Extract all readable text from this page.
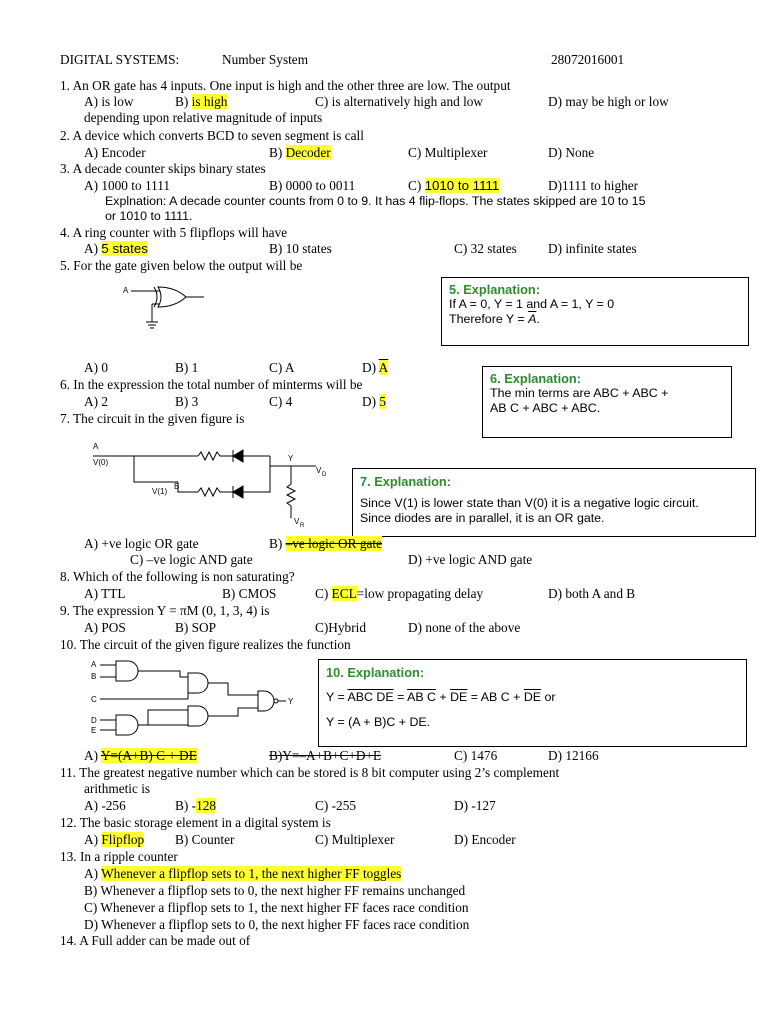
DIGITAL SYSTEMS:	Number System	28072016001
1. An OR gate has 4 inputs. One input is high and the other three are low. The output
A) is low	B) is high	C) is alternatively high and low	D) may be high or low
depending upon relative magnitude of inputs
2. A device which converts BCD to seven segment is call
A) Encoder	B) Decoder	C) Multiplexer	D) None
3. A decade counter skips binary states
A) 1000 to 1111	B) 0000 to 0011	C) 1010 to 1111	D)1111 to higher
Explnation: A decade counter counts from 0 to 9. It has 4 flip-flops. The states skipped are 10 to 15
or 1010 to 1111.
4. A ring counter with 5 flipflops will have
A) 5 states	B) 10 states	C) 32 states D) infinite states
5. For the gate given below the output will be
A	5. Explanation:
If A = 0, Y = 1 and A = 1, Y = 0
Therefore $Y = \overline{A}$.
A) 0	B) 1	C) A	D) $\overline{A}$
6. In the expression the total number of minterms will be	6. Explanation:
The min terms are ABC + ABC +
AB C + ABC + ABC.
A) 2	B) 3	C) 4	D) 5
7. The circuit in the given figure is
A
V(0)
V(1)
B
Y
V D
V R
7. Explanation:
Since V(1) is lower state than V(0) it is a negative logic circuit.
Since diodes are in parallel, it is an OR gate.
A) +ve logic OR gate	B) –ve logic OR gate
C) –ve logic AND gate	D) +ve logic AND gate
8. Which of the following is non saturating?
A) TTL	B) CMOS	C) ECL=low propagating delay	D) both A and B
9. The expression Y = πM (0, 1, 3, 4) is
A) POS	B) SOP	C)Hybrid	D) none of the above
10. The circuit of the given figure realizes the function
A
B
C
D
E
Y
10. Explanation:
Y = ABC DE = AB $C + \overline{DE}$ = AB $C + \overline{DE}$ or
Y = (A + B)C + DE.
A) Y=(A+B) C + DE	B)Y=–A+B+C+D+E	C) 1476	D) 12166
11. The greatest negative number which can be stored is 8 bit computer using 2’s complement
arithmetic is
A) -256	B) -128	C) -255	D) -127
12. The basic storage element in a digital system is
A) Flipflop B) Counter	C) Multiplexer	D) Encoder
13. In a ripple counter
A) Whenever a flipflop sets to 1, the next higher FF toggles
B) Whenever a flipflop sets to 0, the next higher FF remains unchanged
C) Whenever a flipflop sets to 1, the next higher FF faces race condition
D) Whenever a flipflop sets to 0, the next higher FF faces race condition
14. A Full adder can be made out of
